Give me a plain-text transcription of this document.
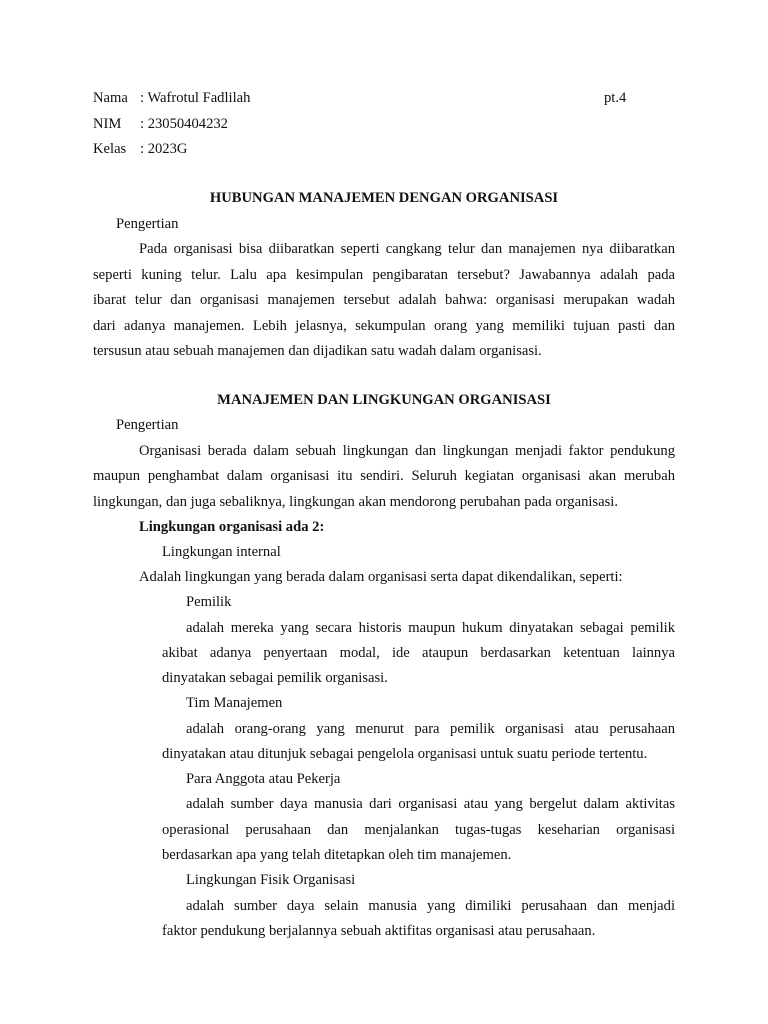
Nama : Wafrotul Fadlilah	pt.4
NIM : 23050404232
Kelas : 2023G
HUBUNGAN MANAJEMEN DENGAN ORGANISASI
Pengertian
Pada organisasi bisa diibaratkan seperti cangkang telur dan manajemen nya diibaratkan
seperti kuning telur. Lalu apa kesimpulan pengibaratan tersebut? Jawabannya adalah pada
ibarat telur dan organisasi manajemen tersebut adalah bahwa: organisasi merupakan wadah
dari adanya manajemen. Lebih jelasnya, sekumpulan orang yang memiliki tujuan pasti dan
tersusun atau sebuah manajemen dan dijadikan satu wadah dalam organisasi.
MANAJEMEN DAN LINGKUNGAN ORGANISASI
Pengertian
Organisasi berada dalam sebuah lingkungan dan lingkungan menjadi faktor pendukung
maupun penghambat dalam organisasi itu sendiri. Seluruh kegiatan organisasi akan merubah
lingkungan, dan juga sebaliknya, lingkungan akan mendorong perubahan pada organisasi.
Lingkungan organisasi ada 2:
Lingkungan internal
Adalah lingkungan yang berada dalam organisasi serta dapat dikendalikan, seperti:
Pemilik
adalah mereka yang secara historis maupun hukum dinyatakan sebagai pemilik
akibat adanya penyertaan modal, ide ataupun berdasarkan ketentuan lainnya
dinyatakan sebagai pemilik organisasi.
Tim Manajemen
adalah orang-orang yang menurut para pemilik organisasi atau perusahaan
dinyatakan atau ditunjuk sebagai pengelola organisasi untuk suatu periode tertentu.
Para Anggota atau Pekerja
adalah sumber daya manusia dari organisasi atau yang bergelut dalam aktivitas
operasional perusahaan dan menjalankan tugas-tugas keseharian organisasi
berdasarkan apa yang telah ditetapkan oleh tim manajemen.
Lingkungan Fisik Organisasi
adalah sumber daya selain manusia yang dimiliki perusahaan dan menjadi
faktor pendukung berjalannya sebuah aktifitas organisasi atau perusahaan.
